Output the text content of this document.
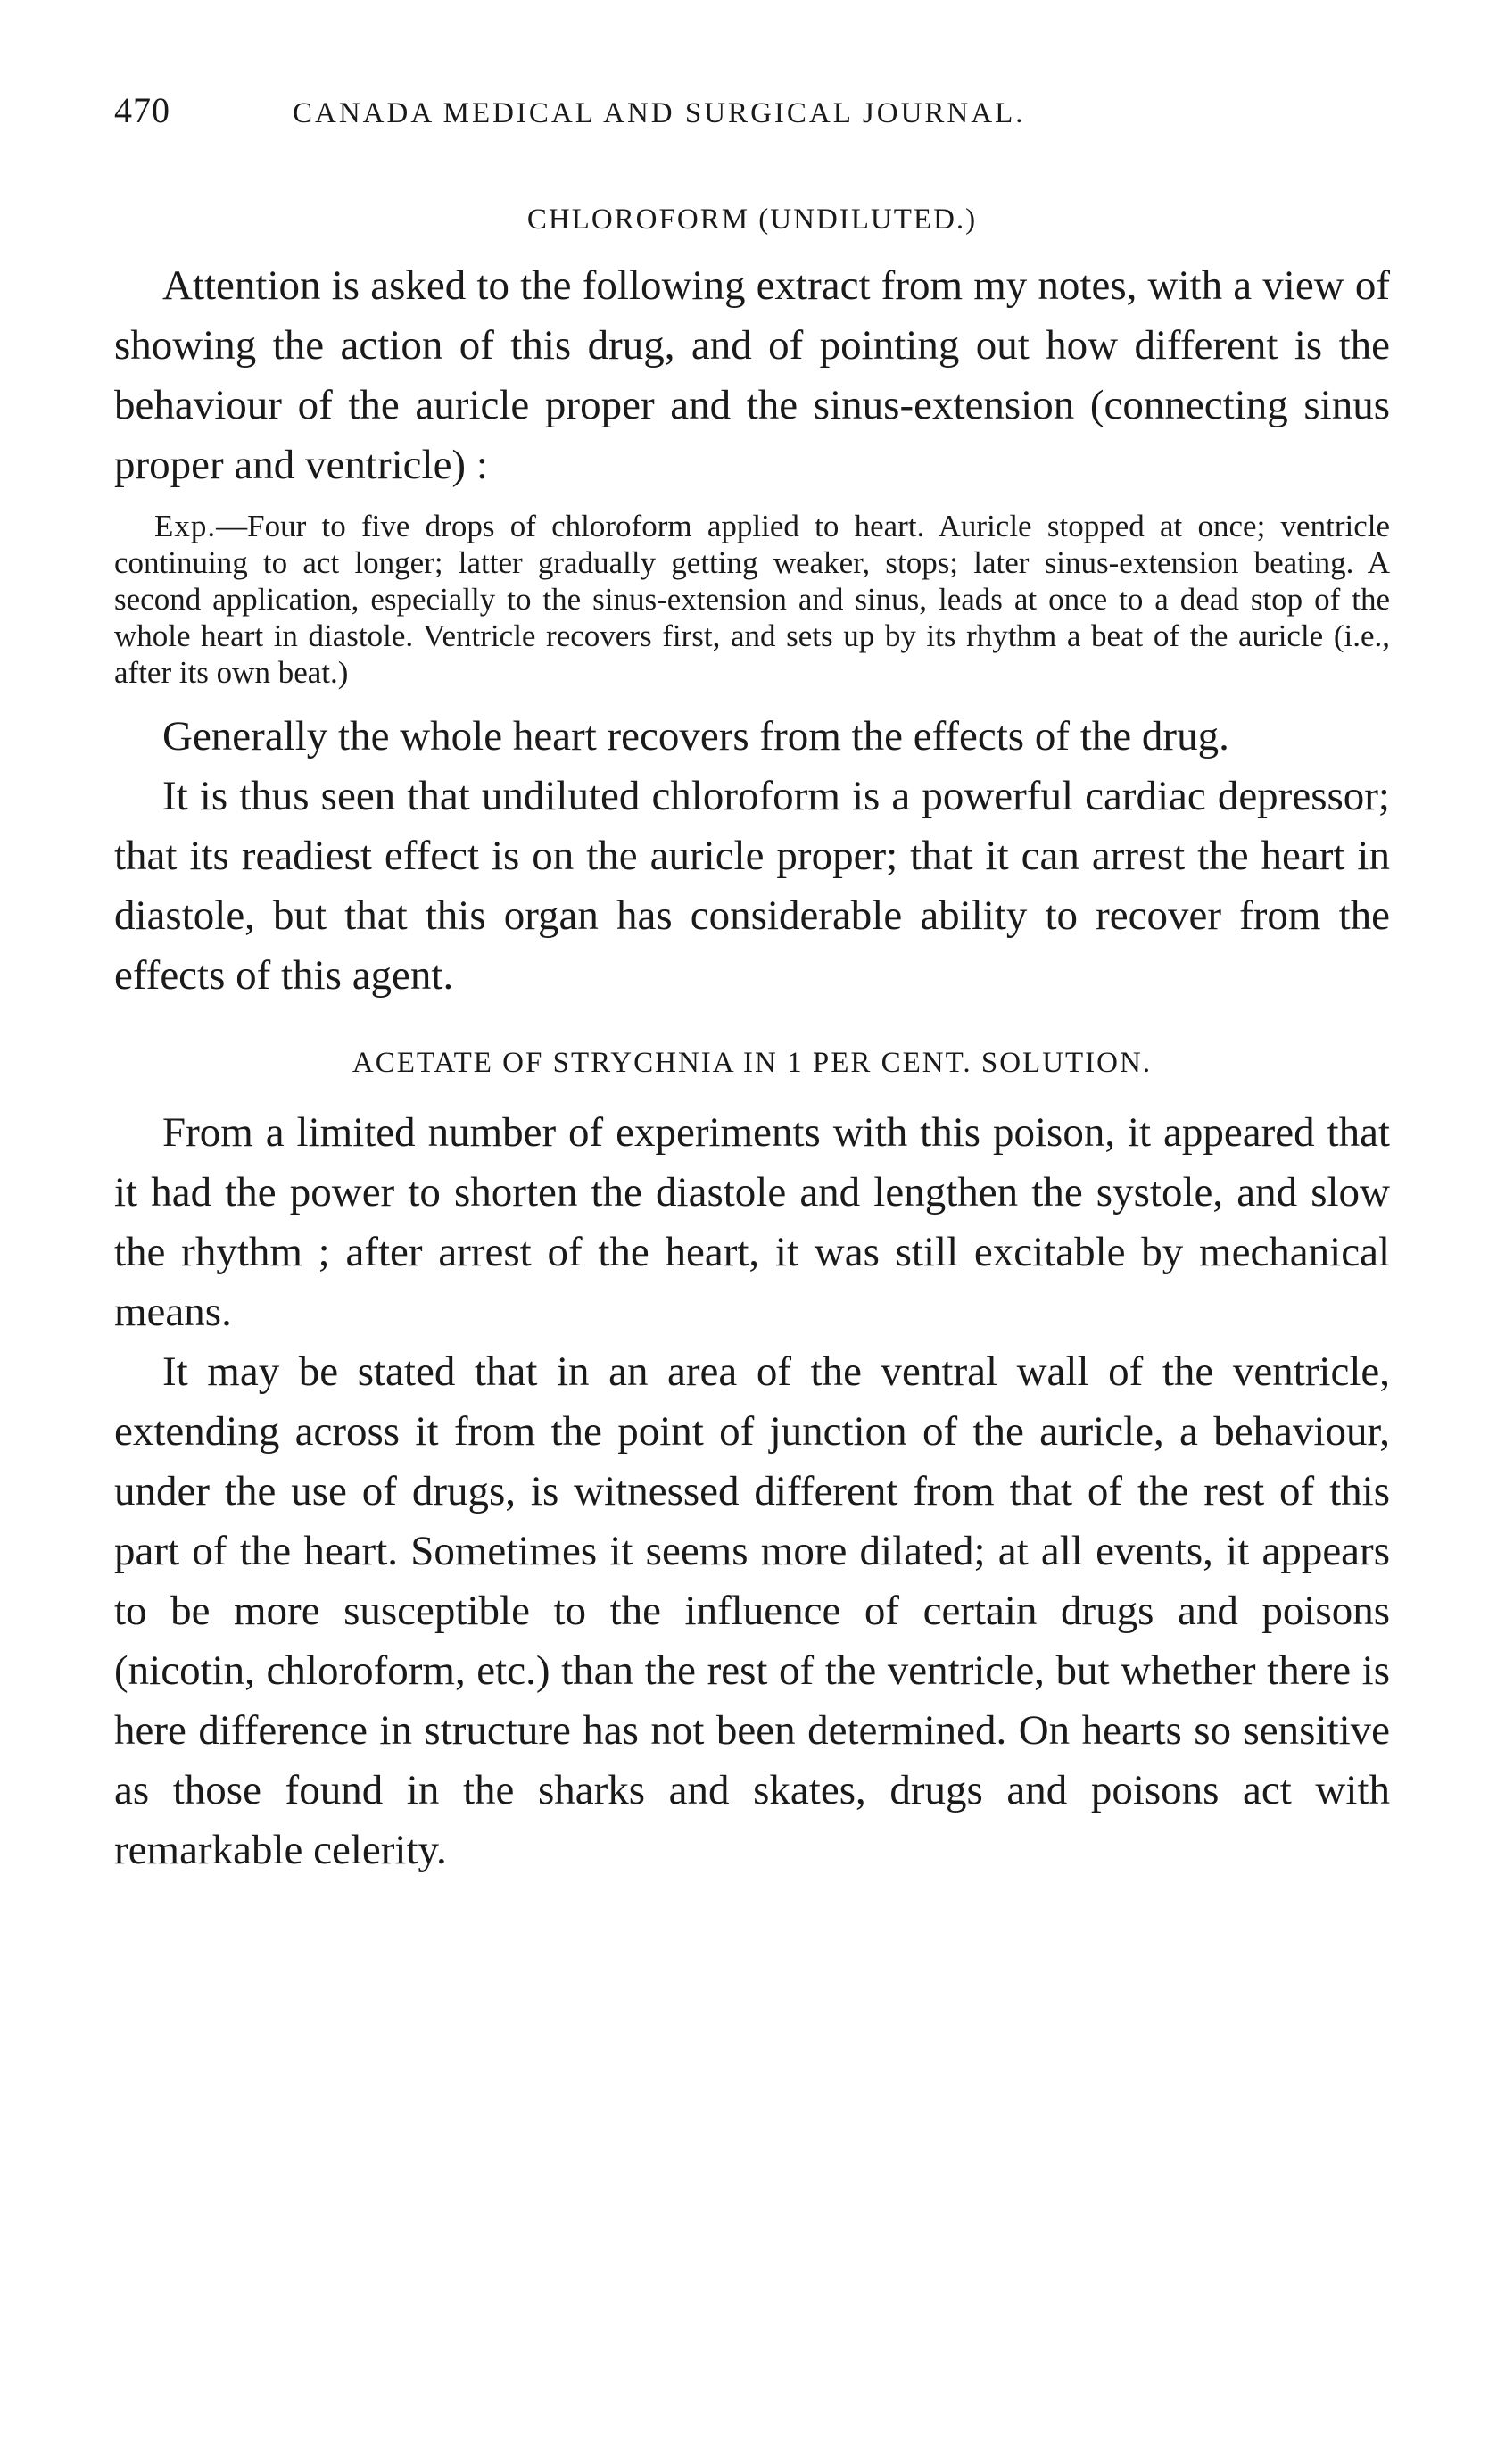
470	CANADA MEDICAL AND SURGICAL JOURNAL.
CHLOROFORM (UNDILUTED.)

Attention is asked to the following extract from my notes, with a view of showing the action of this drug, and of pointing out how different is the behaviour of the auricle proper and the sinus-extension (connecting sinus proper and ventricle) :

Exp.—Four to five drops of chloroform applied to heart. Auricle stopped at once; ventricle continuing to act longer; latter gradually getting weaker, stops; later sinus-extension beating. A second application, especially to the sinus-extension and sinus, leads at once to a dead stop of the whole heart in diastole. Ventricle recovers first, and sets up by its rhythm a beat of the auricle (i.e., after its own beat.)

Generally the whole heart recovers from the effects of the drug.

It is thus seen that undiluted chloroform is a powerful cardiac depressor; that its readiest effect is on the auricle proper; that it can arrest the heart in diastole, but that this organ has considerable ability to recover from the effects of this agent.

ACETATE OF STRYCHNIA IN 1 PER CENT. SOLUTION.

From a limited number of experiments with this poison, it appeared that it had the power to shorten the diastole and lengthen the systole, and slow the rhythm ; after arrest of the heart, it was still excitable by mechanical means.

It may be stated that in an area of the ventral wall of the ventricle, extending across it from the point of junction of the auricle, a behaviour, under the use of drugs, is witnessed different from that of the rest of this part of the heart. Sometimes it seems more dilated; at all events, it appears to be more susceptible to the influence of certain drugs and poisons (nicotin, chloroform, etc.) than the rest of the ventricle, but whether there is here difference in structure has not been determined. On hearts so sensitive as those found in the sharks and skates, drugs and poisons act with remarkable celerity.
